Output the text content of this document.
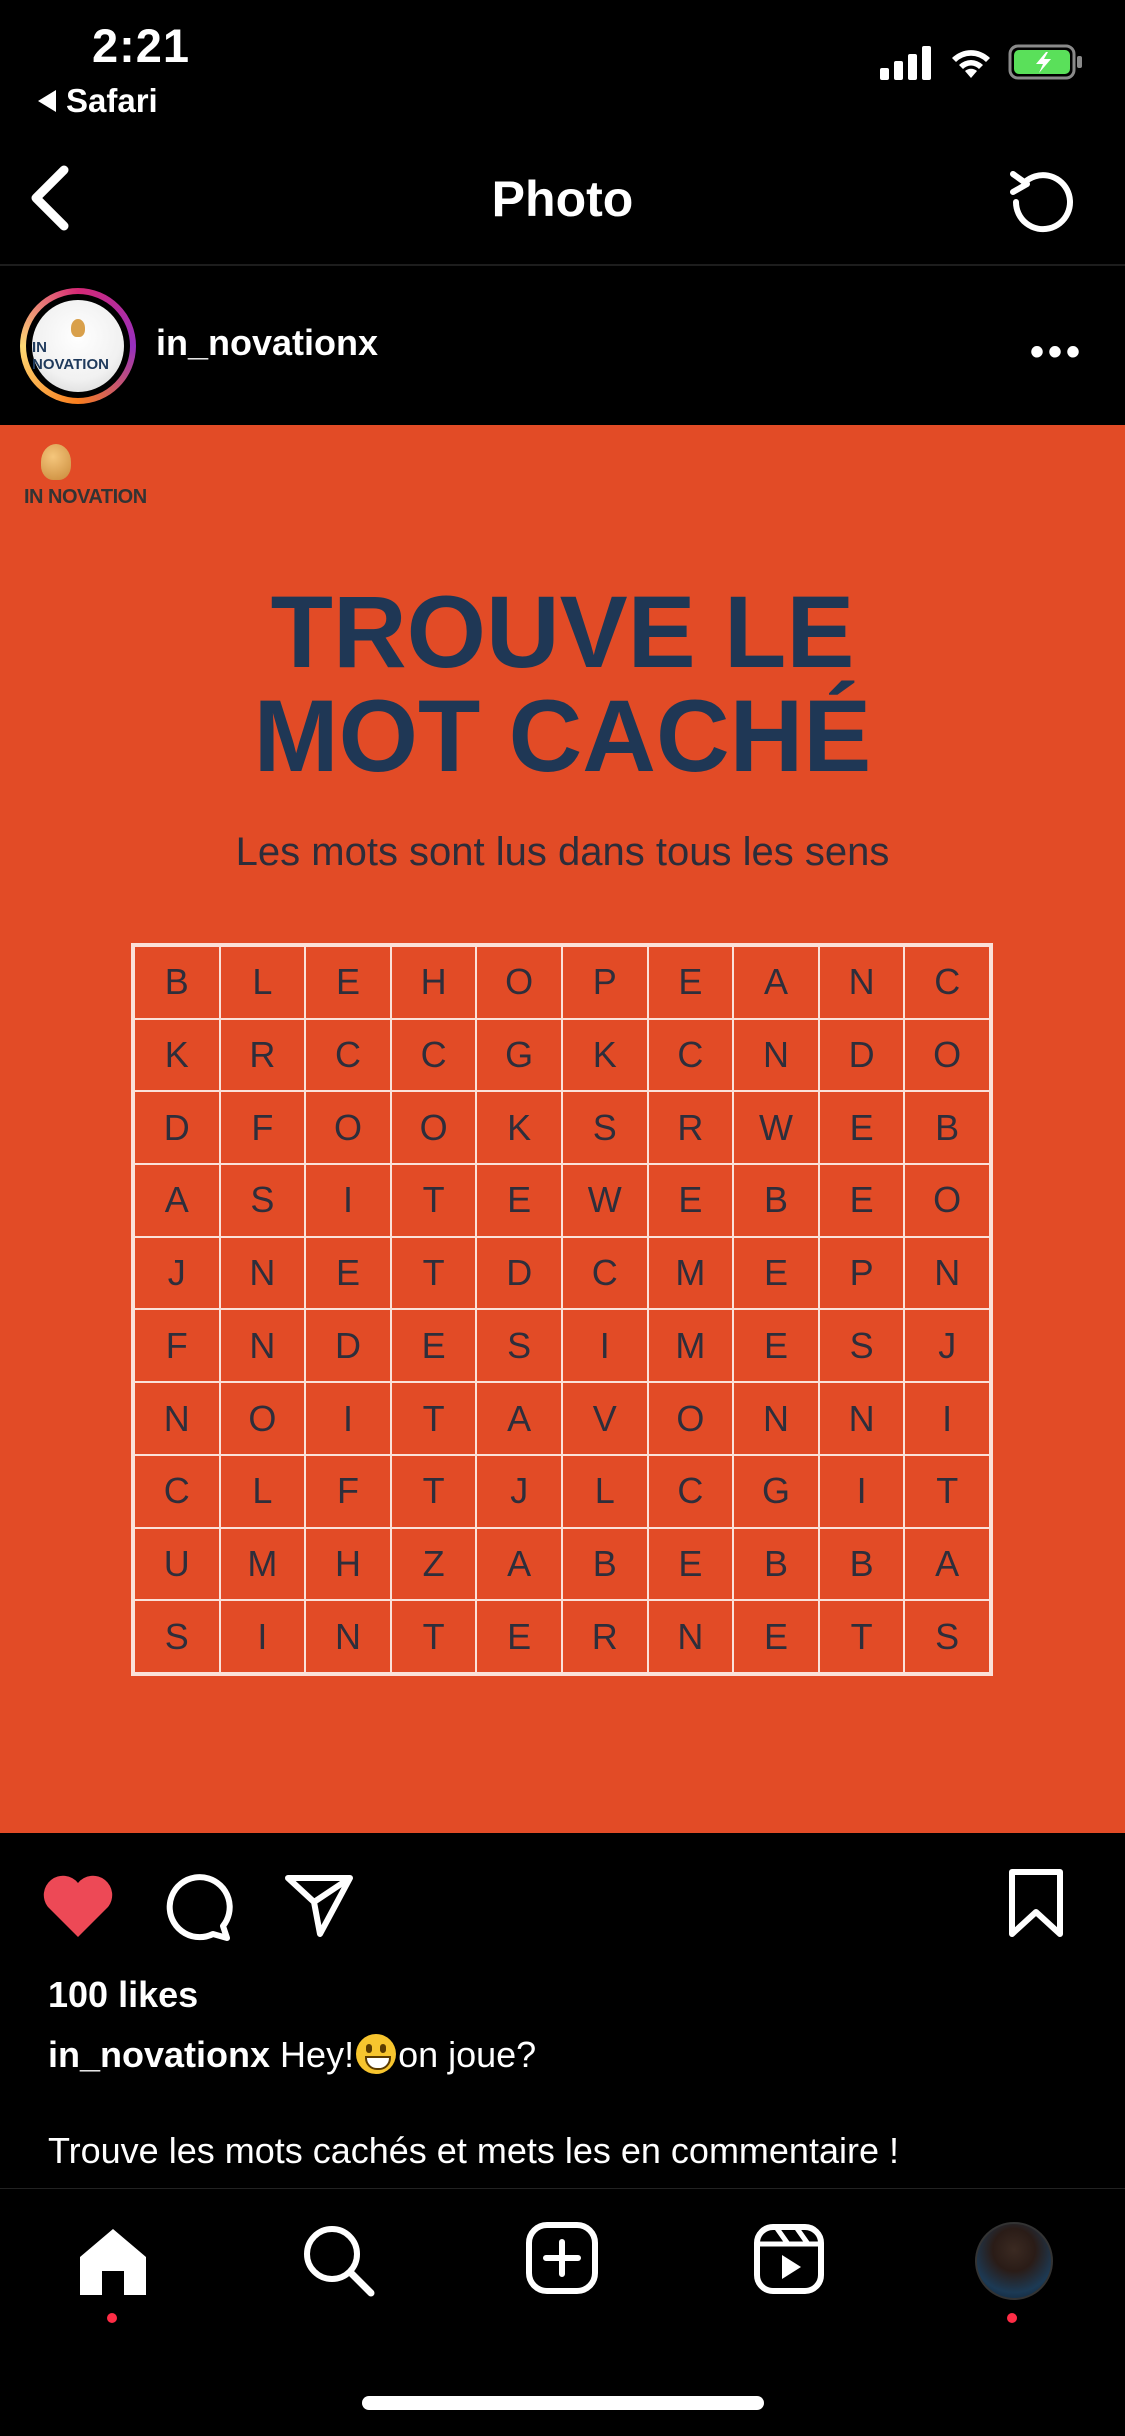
2:21
Safari
Photo
IN NOVATION
in_novationx	•••
IN NOVATION
TROUVE LE
MOT CACHÉ
Les mots sont lus dans tous les sens
B	L	E	H	O	P	E	A	N	C
K	R	C	C	G	K	C	N	D	O
D	F	O	O	K	S	R	W	E	B
A	S	I	T	E	W	E	B	E	O
J	N	E	T	D	C	M	E	P	N
F	N	D	E	S	I	M	E	S	J
N	O	I	T	A	V	O	N	N	I
C	L	F	T	J	L	C	G	I	T
U	M	H	Z	A	B	E	B	B	A
S	I	N	T	E	R	N	E	T	S
100 likes
in_novationx Hey! on joue?
Trouve les mots cachés et mets les en commentaire !
